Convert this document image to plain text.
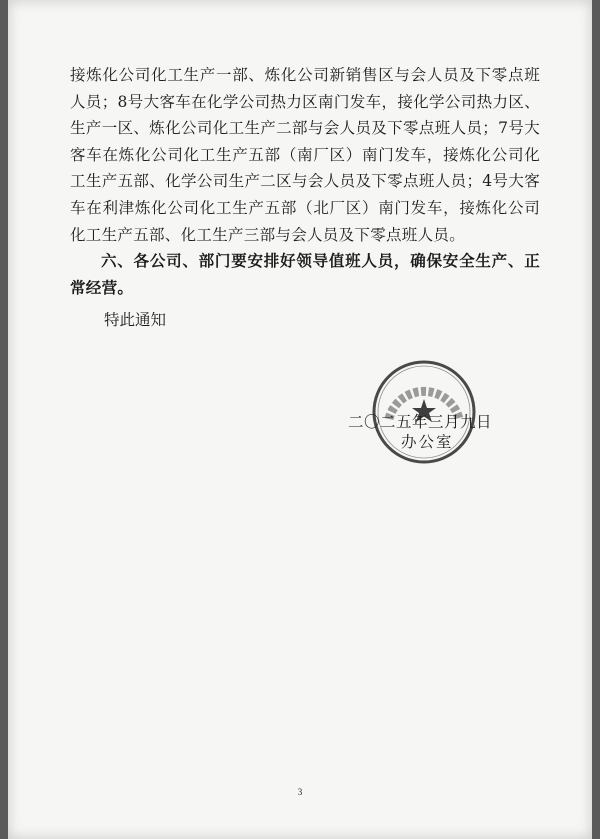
接炼化公司化工生产一部、炼化公司新销售区与会人员及下零点班人员；8号大客车在化学公司热力区南门发车，接化学公司热力区、生产一区、炼化公司化工生产二部与会人员及下零点班人员；7号大客车在炼化公司化工生产五部（南厂区）南门发车，接炼化公司化工生产五部、化学公司生产二区与会人员及下零点班人员；4号大客车在利津炼化公司化工生产五部（北厂区）南门发车，接炼化公司化工生产五部、化工生产三部与会人员及下零点班人员。

六、各公司、部门要安排好领导值班人员，确保安全生产、正常经营。

特此通知
二〇二五年三月九日
办公室
3
